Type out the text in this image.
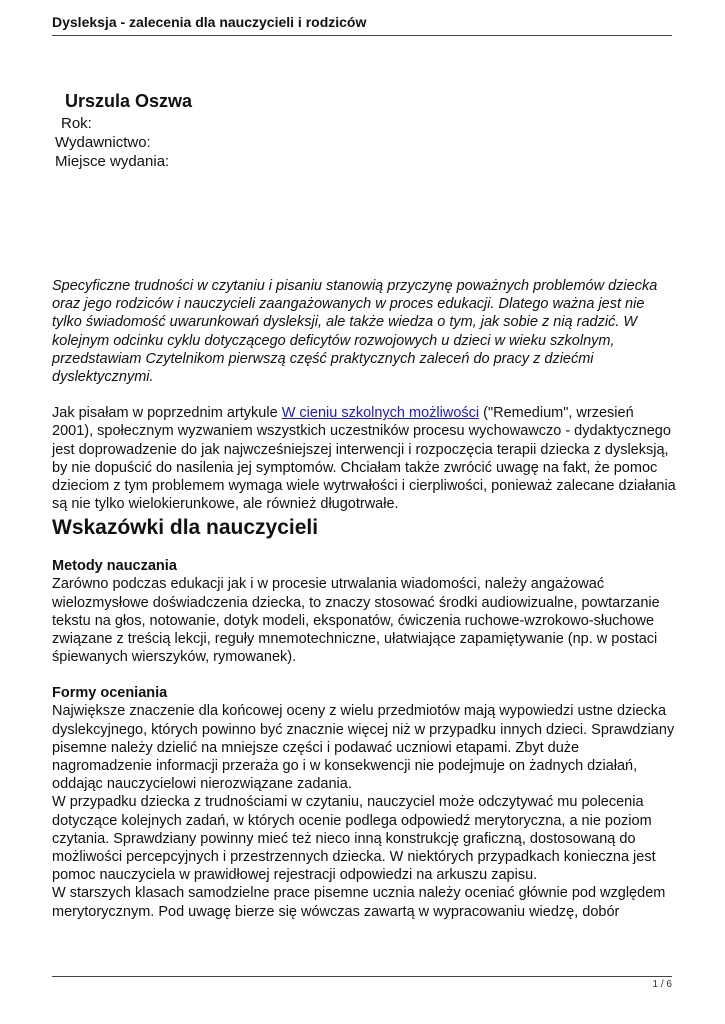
Dysleksja - zalecenia dla nauczycieli i rodziców
Urszula Oszwa
Rok:
Wydawnictwo:
Miejsce wydania:

Specyficzne trudności w czytaniu i pisaniu stanowią przyczynę poważnych problemów dziecka oraz jego rodziców i nauczycieli zaangażowanych w proces edukacji. Dlatego ważna jest nie tylko świadomość uwarunkowań dysleksji, ale także wiedza o tym, jak sobie z nią radzić. W kolejnym odcinku cyklu dotyczącego deficytów rozwojowych u dzieci w wieku szkolnym, przedstawiam Czytelnikom pierwszą część praktycznych zaleceń do pracy z dziećmi dyslektycznymi.

Jak pisałam w poprzednim artykule W cieniu szkolnych możliwości ("Remedium", wrzesień 2001), społecznym wyzwaniem wszystkich uczestników procesu wychowawczo - dydaktycznego jest doprowadzenie do jak najwcześniejszej interwencji i rozpoczęcia terapii dziecka z dysleksją, by nie dopuścić do nasilenia jej symptomów. Chciałam także zwrócić uwagę na fakt, że pomoc dzieciom z tym problemem wymaga wiele wytrwałości i cierpliwości, ponieważ zalecane działania są nie tylko wielokierunkowe, ale również długotrwałe.

Wskazówki dla nauczycieli
Metody nauczania

Zarówno podczas edukacji jak i w procesie utrwalania wiadomości, należy angażować wielozmysłowe doświadczenia dziecka, to znaczy stosować środki audiowizualne, powtarzanie tekstu na głos, notowanie, dotyk modeli, eksponatów, ćwiczenia ruchowe-wzrokowo-słuchowe związane z treścią lekcji, reguły mnemotechniczne, ułatwiające zapamiętywanie (np. w postaci śpiewanych wierszyków, rymowanek).

Formy oceniania

Największe znaczenie dla końcowej oceny z wielu przedmiotów mają wypowiedzi ustne dziecka dyslekcyjnego, których powinno być znacznie więcej niż w przypadku innych dzieci. Sprawdziany pisemne należy dzielić na mniejsze części i podawać uczniowi etapami. Zbyt duże nagromadzenie informacji przeraża go i w konsekwencji nie podejmuje on żadnych działań, oddając nauczycielowi nierozwiązane zadania.

W przypadku dziecka z trudnościami w czytaniu, nauczyciel może odczytywać mu polecenia dotyczące kolejnych zadań, w których ocenie podlega odpowiedź merytoryczna, a nie poziom czytania. Sprawdziany powinny mieć też nieco inną konstrukcję graficzną, dostosowaną do możliwości percepcyjnych i przestrzennych dziecka. W niektórych przypadkach konieczna jest pomoc nauczyciela w prawidłowej rejestracji odpowiedzi na arkuszu zapisu.

W starszych klasach samodzielne prace pisemne ucznia należy oceniać głównie pod względem merytorycznym. Pod uwagę bierze się wówczas zawartą w wypracowaniu wiedzę, dobór

1 / 6
